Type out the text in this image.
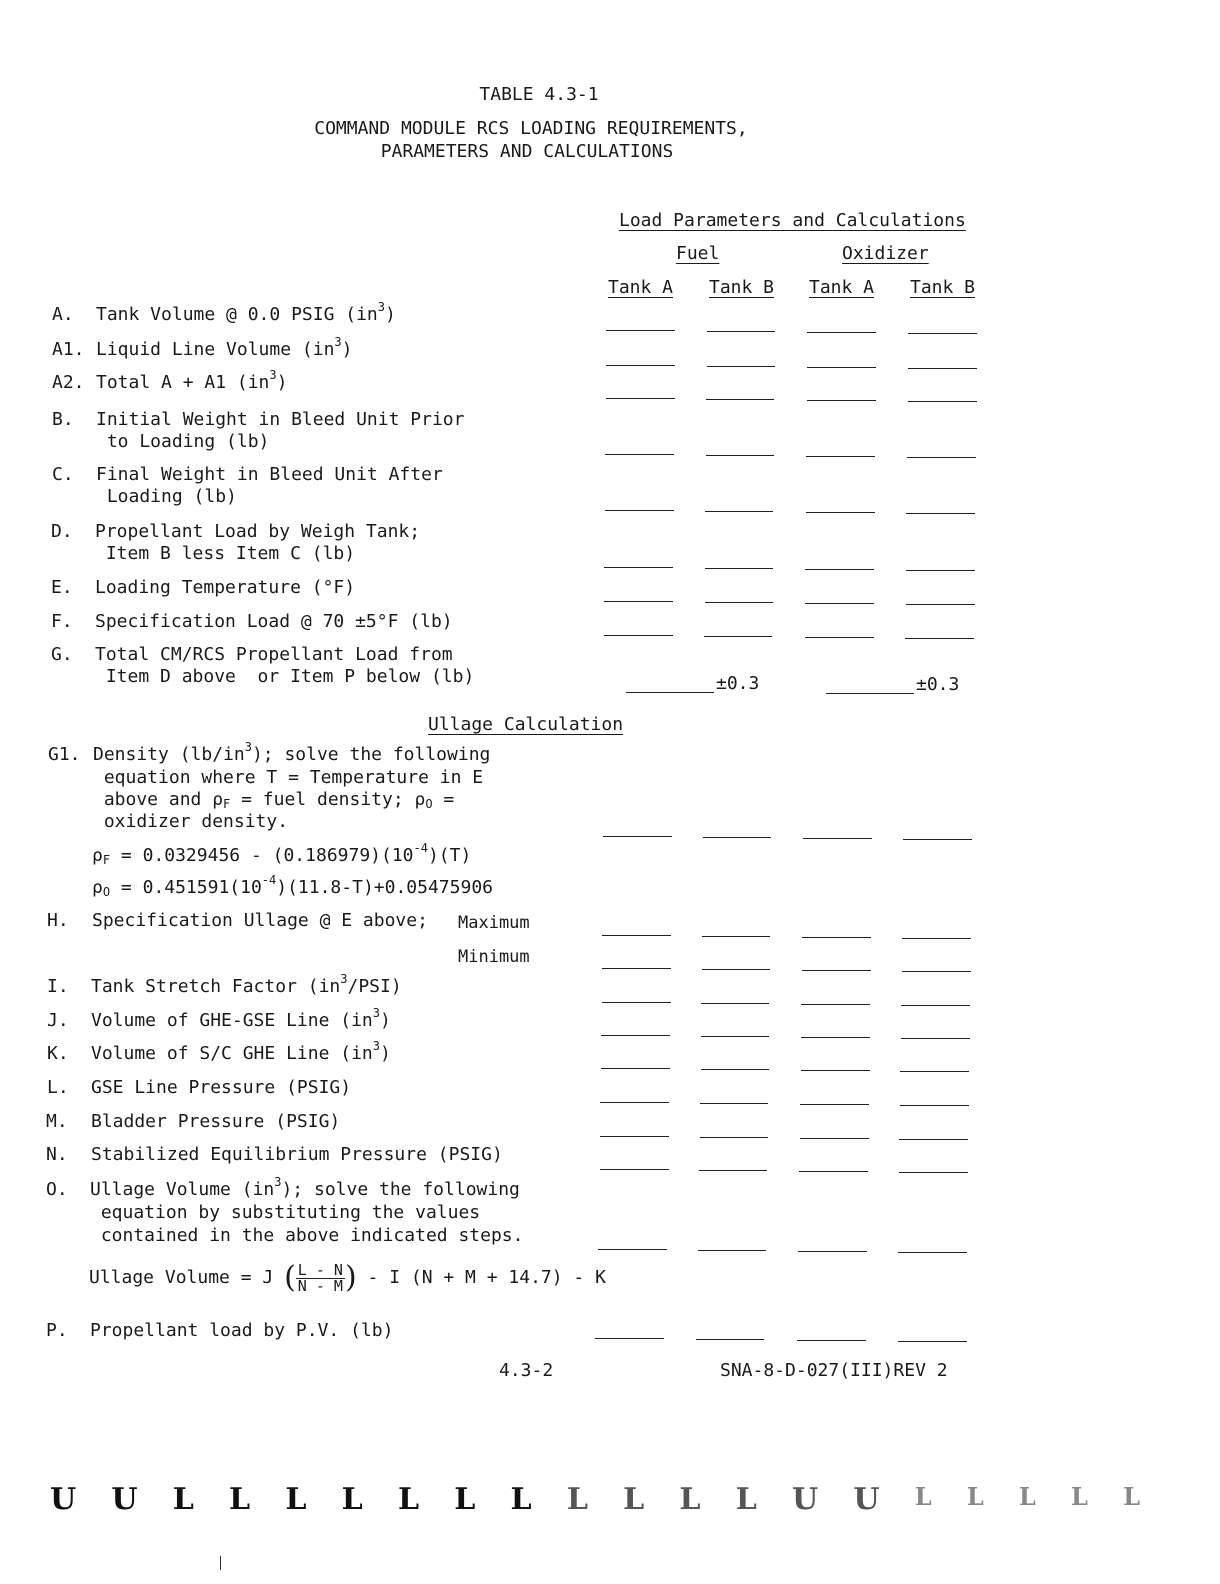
TABLE 4.3-1
COMMAND MODULE RCS LOADING REQUIREMENTS,
PARAMETERS AND CALCULATIONS
Load Parameters and Calculations
Fuel	Oxidizer
Tank A Tank B Tank A Tank B
A. Tank Volume @ 0.0 PSIG $(in^3)$
A1. Liquid Line Volume $(in^3)$
A2. Total A + A1 $(in^3)$
B. Initial Weight in Bleed Unit Prior
to Loading (lb)
C. Final Weight in Bleed Unit After
Loading (lb)
D. Propellant Load by Weigh Tank;
Item B less Item C (lb)
E. Loading Temperature (°F)
F. Specification Load @ 70 ±5°F (lb)
G. Total CM/RCS Propellant Load from
Item D above  or Item P below (lb)	±0.3	±0.3
Ullage Calculation
G1. Density $(lb/in^3)$; solve the following
equation where T = Temperature in E
above and $\rho_F$ = fuel density; $\rho_O$ =
oxidizer density.
$\rho_F = 0.0329456 - (0.186979)(10^{-4})(T)$
$\rho_O = 0.451591(10^{-4})(11.8-T)+0.05475906$
H. Specification Ullage @ E above; Maximum
Minimum
I. Tank Stretch Factor $(in^3/PSI)$
J. Volume of GHE-GSE Line $(in^3)$
K. Volume of S/C GHE Line $(in^3)$
L. GSE Line Pressure (PSIG)
M. Bladder Pressure (PSIG)
N. Stabilized Equilibrium Pressure (PSIG)
O. Ullage Volume $(in^3)$; solve the following
equation by substituting the values
contained in the above indicated steps.
Ullage Volume = J ( $\frac{L - N}{N - M}$ ) - I (N + M + 14.7) - K
P. Propellant load by P.V. (lb)
4.3-2	SNA-8-D-027(III)REV 2
U U L L L L L L L L L L L U U L L L L L
